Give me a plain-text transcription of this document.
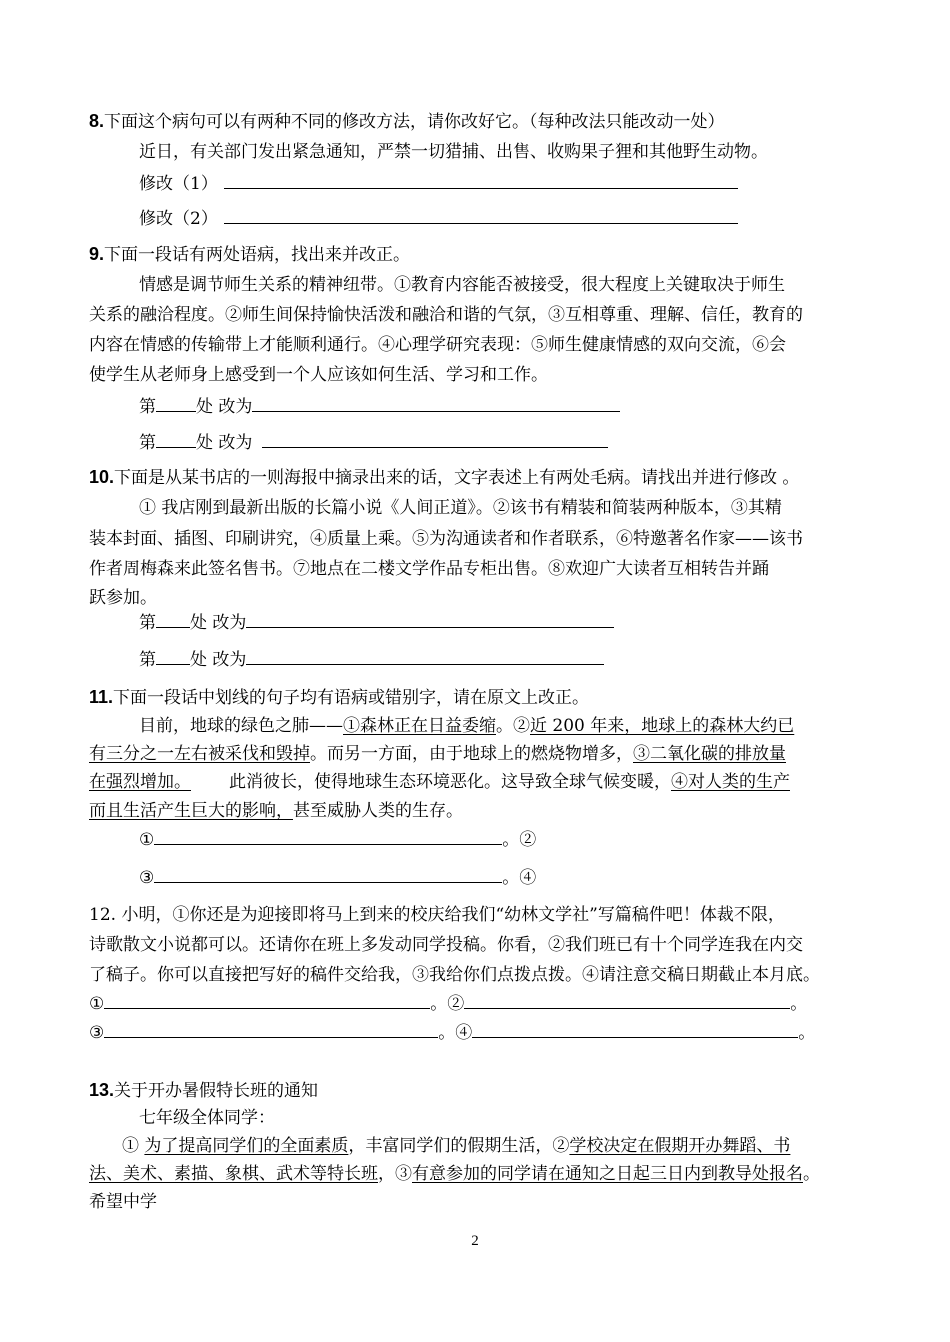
8.下面这个病句可以有两种不同的修改方法，请你改好它。（每种改法只能改动一处）
近日，有关部门发出紧急通知，严禁一切猎捕、出售、收购果子狸和其他野生动物。
修改（1）
修改（2）
9.下面一段话有两处语病，找出来并改正。
情感是调节师生关系的精神纽带。①教育内容能否被接受，很大程度上关键取决于师生
关系的融洽程度。②师生间保持愉快活泼和融洽和谐的气氛，③互相尊重、理解、信任，教育的
内容在情感的传输带上才能顺利通行。④心理学研究表现：⑤师生健康情感的双向交流，⑥会
使学生从老师身上感受到一个人应该如何生活、学习和工作。
第 处 改为
第 处 改为
10.下面是从某书店的一则海报中摘录出来的话，文字表述上有两处毛病。请找出并进行修改 。
① 我店刚到最新出版的长篇小说《人间正道》。②该书有精装和简装两种版本，③其精
装本封面、插图、印刷讲究，④质量上乘。⑤为沟通读者和作者联系，⑥特邀著名作家——该书
作者周梅森来此签名售书。⑦地点在二楼文学作品专柜出售。⑧欢迎广大读者互相转告并踊
跃参加。
第 处 改为
第 处 改为
11.下面一段话中划线的句子均有语病或错别字，请在原文上改正。
目前，地球的绿色之肺——①森林正在日益委缩。②近 200 年来，地球上的森林大约已
有三分之一左右被采伐和毁掉。而另一方面，由于地球上的燃烧物增多，③二氧化碳的排放量
在强烈增加。 此消彼长，使得地球生态环境恶化。这导致全球气候变暖，④对人类的生产
而且生活产生巨大的影响，甚至威胁人类的生存。
①	。②
③	。④
12. 小明，①你还是为迎接即将马上到来的校庆给我们“幼林文学社”写篇稿件吧！体裁不限，
诗歌散文小说都可以。还请你在班上多发动同学投稿。你看，②我们班已有十个同学连我在内交
了稿子。你可以直接把写好的稿件交给我，③我给你们点拨点拨。④请注意交稿日期截止本月底。
①	。②	。
③	。④	。
13.关于开办暑假特长班的通知
七年级全体同学：
① 为了提高同学们的全面素质，丰富同学们的假期生活，②学校决定在假期开办舞蹈、书
法、美术、素描、象棋、武术等特长班，③有意参加的同学请在通知之日起三日内到教导处报名。
希望中学
2
